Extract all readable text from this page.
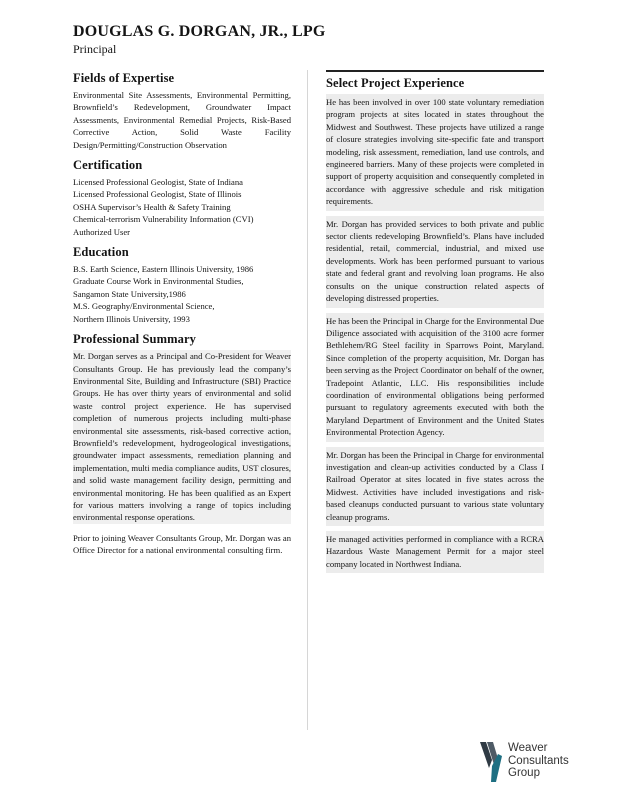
DOUGLAS G. DORGAN, JR., LPG
Principal
Fields of Expertise

Environmental Site Assessments, Environmental Permitting, Brownfield’s Redevelopment, Groundwater Impact Assessments, Environmental Remedial Projects, Risk-Based Corrective Action, Solid Waste Facility Design/Permitting/Construction Observation

Certification
Licensed Professional Geologist, State of Indiana
Licensed Professional Geologist, State of Illinois
OSHA Supervisor’s Health & Safety Training
Chemical-terrorism Vulnerability Information (CVI)
Authorized User
Education
B.S. Earth Science, Eastern Illinois University, 1986
Graduate Course Work in Environmental Studies,
Sangamon State University,1986
M.S. Geography/Environmental Science,
Northern Illinois University, 1993
Professional Summary

Mr. Dorgan serves as a Principal and Co-President for Weaver Consultants Group. He has previously lead the company’s Environmental Site, Building and Infrastructure (SBI) Practice Groups. He has over thirty years of environmental and solid waste control project experience. He has supervised completion of numerous projects including multi-phase environmental site assessments, risk-based corrective action, Brownfield’s redevelopment, hydrogeological investigations, groundwater impact assessments, remediation planning and implementation, multi media compliance audits, UST closures, and solid waste management facility design, permitting and environmental monitoring. He has been qualified as an Expert for various matters involving a range of topics including environmental response operations.

Prior to joining Weaver Consultants Group, Mr. Dorgan was an Office Director for a national environmental consulting firm.

Select Project Experience

He has been involved in over 100 state voluntary remediation program projects at sites located in states throughout the Midwest and Southwest. These projects have utilized a range of closure strategies involving site-specific fate and transport modeling, risk assessment, remediation, land use controls, and engineered barriers. Many of these projects were completed in support of property acquisition and consequently completed in accordance with aggressive schedule and risk mitigation requirements.

Mr. Dorgan has provided services to both private and public sector clients redeveloping Brownfield’s. Plans have included residential, retail, commercial, industrial, and mixed use developments. Work has been performed pursuant to various state and federal grant and revolving loan programs. He also consults on the unique construction related aspects of developing distressed properties.

He has been the Principal in Charge for the Environmental Due Diligence associated with acquisition of the 3100 acre former Bethlehem/RG Steel facility in Sparrows Point, Maryland. Since completion of the property acquisition, Mr. Dorgan has been serving as the Project Coordinator on behalf of the owner, Tradepoint Atlantic, LLC. His responsibilities include coordination of environmental obligations being performed pursuant to regulatory agreements executed with both the Maryland Department of Environment and the United States Environmental Protection Agency.

Mr. Dorgan has been the Principal in Charge for environmental investigation and clean-up activities conducted by a Class I Railroad Operator at sites located in five states across the Midwest. Activities have included investigations and risk-based cleanups conducted pursuant to various state voluntary cleanup programs.

He managed activities performed in compliance with a RCRA Hazardous Waste Management Permit for a major steel company located in Northwest Indiana.

Weaver
Consultants
Group
